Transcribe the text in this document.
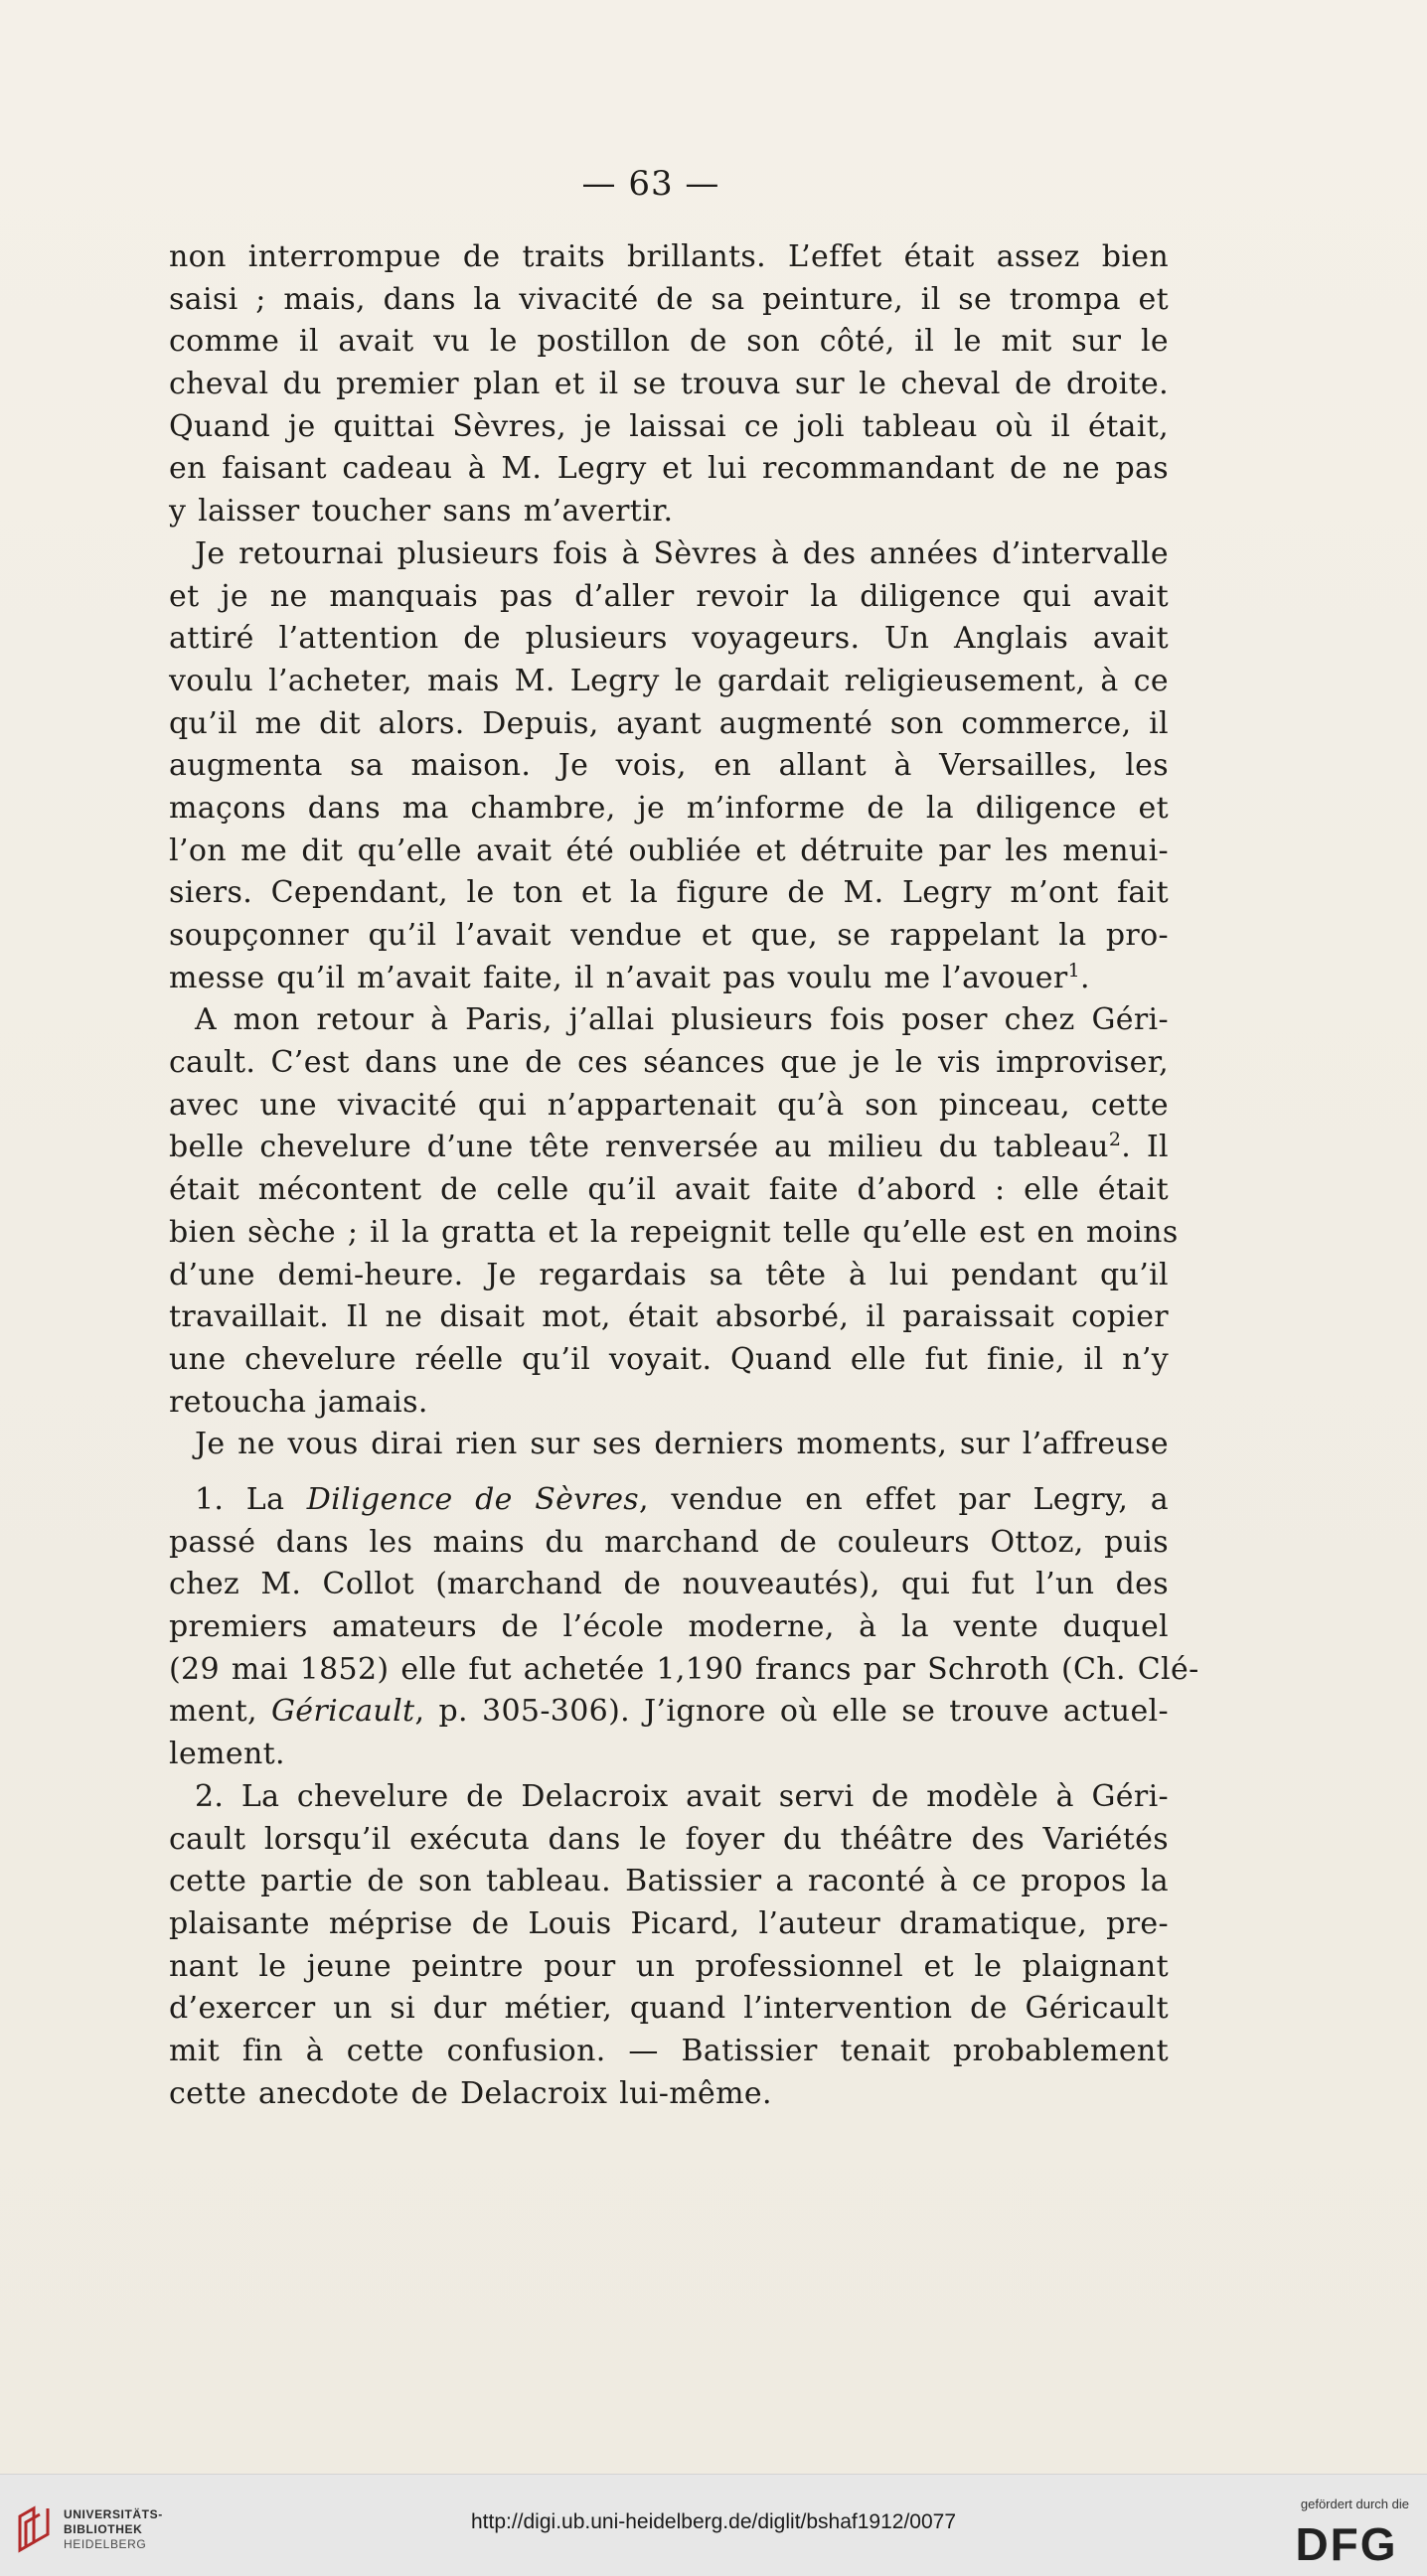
— 63 —
non interrompue de traits brillants. L’effet était assez bien
saisi ; mais, dans la vivacité de sa peinture, il se trompa et
comme il avait vu le postillon de son côté, il le mit sur le
cheval du premier plan et il se trouva sur le cheval de droite.
Quand je quittai Sèvres, je laissai ce joli tableau où il était,
en faisant cadeau à M. Legry et lui recommandant de ne pas
y laisser toucher sans m’avertir.
Je retournai plusieurs fois à Sèvres à des années d’intervalle
et je ne manquais pas d’aller revoir la diligence qui avait
attiré l’attention de plusieurs voyageurs. Un Anglais avait
voulu l’acheter, mais M. Legry le gardait religieusement, à ce
qu’il me dit alors. Depuis, ayant augmenté son commerce, il
augmenta sa maison. Je vois, en allant à Versailles, les
maçons dans ma chambre, je m’informe de la diligence et
l’on me dit qu’elle avait été oubliée et détruite par les menui-
siers. Cependant, le ton et la figure de M. Legry m’ont fait
soupçonner qu’il l’avait vendue et que, se rappelant la pro-
messe qu’il m’avait faite, il n’avait pas voulu me l’avouer$^1$.
A mon retour à Paris, j’allai plusieurs fois poser chez Géri-
cault. C’est dans une de ces séances que je le vis improviser,
avec une vivacité qui n’appartenait qu’à son pinceau, cette
belle chevelure d’une tête renversée au milieu du tableau$^2$. Il
était mécontent de celle qu’il avait faite d’abord : elle était
bien sèche ; il la gratta et la repeignit telle qu’elle est en moins
d’une demi-heure. Je regardais sa tête à lui pendant qu’il
travaillait. Il ne disait mot, était absorbé, il paraissait copier
une chevelure réelle qu’il voyait. Quand elle fut finie, il n’y
retoucha jamais.
Je ne vous dirai rien sur ses derniers moments, sur l’affreuse
1. La Diligence de Sèvres, vendue en effet par Legry, a
passé dans les mains du marchand de couleurs Ottoz, puis
chez M. Collot (marchand de nouveautés), qui fut l’un des
premiers amateurs de l’école moderne, à la vente duquel
(29 mai 1852) elle fut achetée 1,190 francs par Schroth (Ch. Clé-
ment, Géricault, p. 305-306). J’ignore où elle se trouve actuel-
lement.
2. La chevelure de Delacroix avait servi de modèle à Géri-
cault lorsqu’il exécuta dans le foyer du théâtre des Variétés
cette partie de son tableau. Batissier a raconté à ce propos la
plaisante méprise de Louis Picard, l’auteur dramatique, pre-
nant le jeune peintre pour un professionnel et le plaignant
d’exercer un si dur métier, quand l’intervention de Géricault
mit fin à cette confusion. — Batissier tenait probablement
cette anecdote de Delacroix lui-même.
UNIVERSITÄTS-
BIBLIOTHEK
HEIDELBERG
http://digi.ub.uni-heidelberg.de/diglit/bshaf1912/0077
gefördert durch die
DFG
